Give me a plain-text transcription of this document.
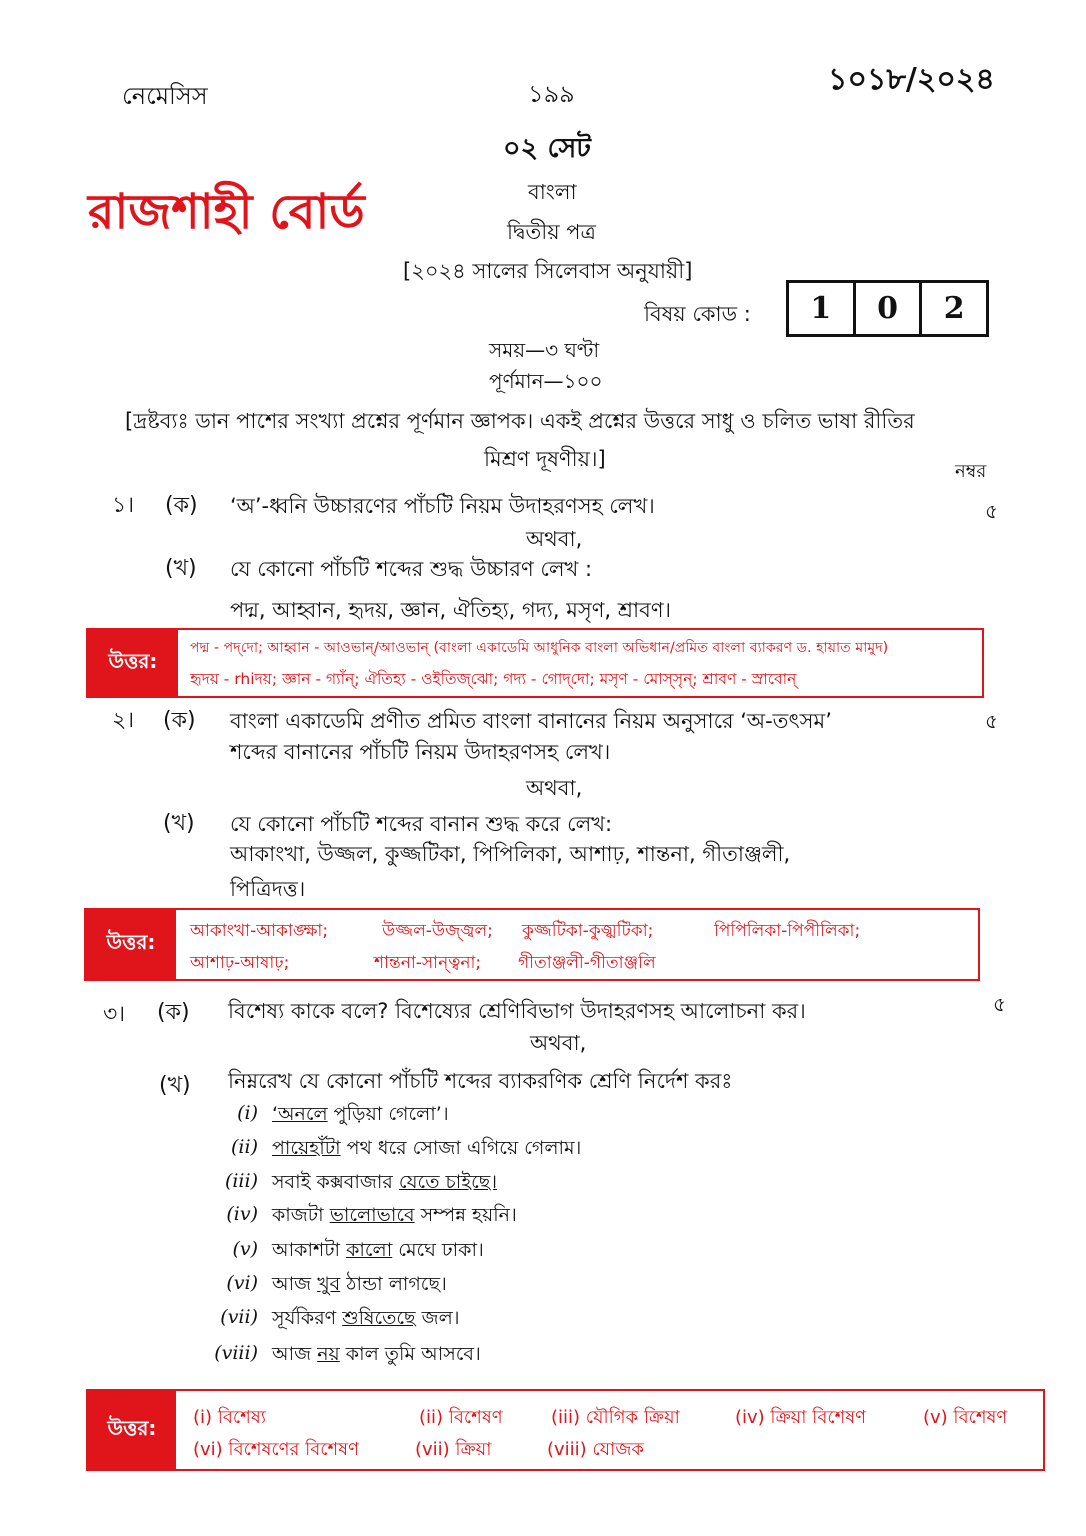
নেমেসিস	১৯৯	১০১৮/২০২৪
০২ সেট
রাজশাহী বোর্ড	বাংলা
দ্বিতীয় পত্র
[২০২৪ সালের সিলেবাস অনুযায়ী]
বিষয় কোড :	1	0	2
সময়—৩ ঘণ্টা
পূর্ণমান—১০০
[দ্রষ্টব্যঃ ডান পাশের সংখ্যা প্রশ্নের পূর্ণমান জ্ঞাপক। একই প্রশ্নের উত্তরে সাধু ও চলিত ভাষা রীতির
মিশ্রণ দূষণীয়।]
নম্বর
১। (ক) ‘অ’-ধ্বনি উচ্চারণের পাঁচটি নিয়ম উদাহরণসহ লেখ।	৫
অথবা,
(খ) যে কোনো পাঁচটি শব্দের শুদ্ধ উচ্চারণ লেখ :
পদ্ম, আহ্বান, হৃদয়, জ্ঞান, ঐতিহ্য, গদ্য, মসৃণ, শ্রাবণ।
উত্তর:
পদ্ম - পদ্‌দো; আহ্বান - আওভান্‌/আওভান্‌ (বাংলা একাডেমি আধুনিক বাংলা অভিধান/প্রমিত বাংলা ব্যাকরণ ড. হায়াত মামুদ)
হৃদয় - rhiদয়; জ্ঞান - গ্যাঁন্‌; ঐতিহ্য - ওইতিজ্‌ঝো; গদ্য - গোদ্‌দো; মসৃণ - মোস্‌সৃন্‌; শ্রাবণ - স্রাবোন্‌
২। (ক) বাংলা একাডেমি প্রণীত প্রমিত বাংলা বানানের নিয়ম অনুসারে ‘অ-তৎসম’
শব্দের বানানের পাঁচটি নিয়ম উদাহরণসহ লেখ।
৫
অথবা,
(খ) যে কোনো পাঁচটি শব্দের বানান শুদ্ধ করে লেখ:
আকাংখা, উজ্জল, কুজ্জটিকা, পিপিলিকা, আশাঢ়, শান্তনা, গীতাঞ্জলী,
পিত্রিদত্ত।
উত্তর:	আকাংখা-আকাঙ্ক্ষা;	উজ্জল-উজ্জ্বল; কুজ্জটিকা-কুজ্ঝটিকা;	পিপিলিকা-পিপীলিকা;
আশাঢ়-আষাঢ়;	শান্তনা-সান্ত্বনা; গীতাঞ্জলী-গীতাঞ্জলি
৩। (ক) বিশেষ্য কাকে বলে? বিশেষ্যের শ্রেণিবিভাগ উদাহরণসহ আলোচনা কর।	৫
অথবা,
(খ) নিম্নরেখ যে কোনো পাঁচটি শব্দের ব্যাকরণিক শ্রেণি নির্দেশ করঃ
(i) ‘অনলে পুড়িয়া গেলো’।
(ii) পায়েহাঁটা পথ ধরে সোজা এগিয়ে গেলাম।
(iii) সবাই কক্সবাজার যেতে চাইছে।
(iv) কাজটা ভালোভাবে সম্পন্ন হয়নি।
(v) আকাশটা কালো মেঘে ঢাকা।
(vi) আজ খুব ঠান্ডা লাগছে।
(vii) সূর্যকিরণ শুষিতেছে জল।
(viii) আজ নয় কাল তুমি আসবে।
উত্তর:	(i) বিশেষ্য	(ii) বিশেষণ	(iii) যৌগিক ক্রিয়া	(iv) ক্রিয়া বিশেষণ	(v) বিশেষণ
(vi) বিশেষণের বিশেষণ	(vii) ক্রিয়া	(viii) যোজক
